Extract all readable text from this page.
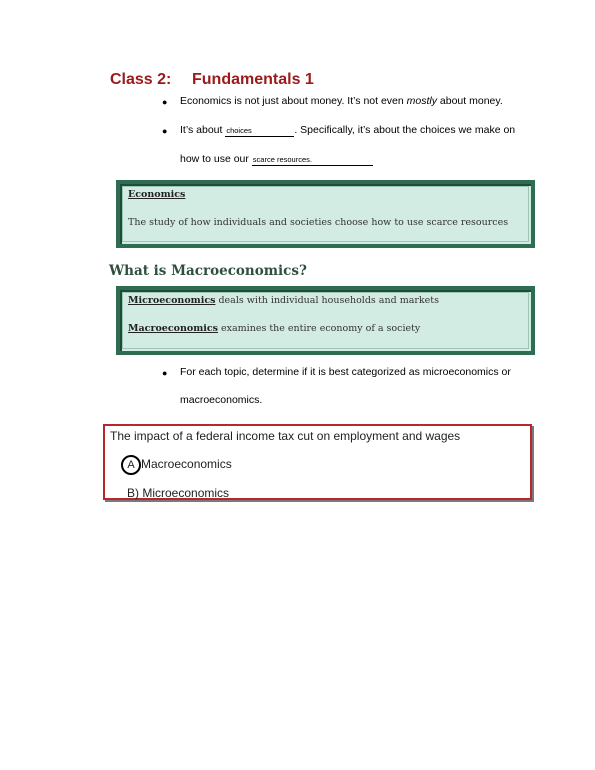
Class 2: Fundamentals 1
● Economics is not just about money. It’s not even mostly about money.
● It’s about choices	. Specifically, it’s about the choices we make on
how to use our scarce resources.
Economics
The study of how individuals and societies choose how to use scarce resources
What is Macroeconomics?
Microeconomics deals with individual households and markets
Macroeconomics examines the entire economy of a society
● For each topic, determine if it is best categorized as microeconomics or
macroeconomics.
The impact of a federal income tax cut on employment and wages
A Macroeconomics
B) Microeconomics
